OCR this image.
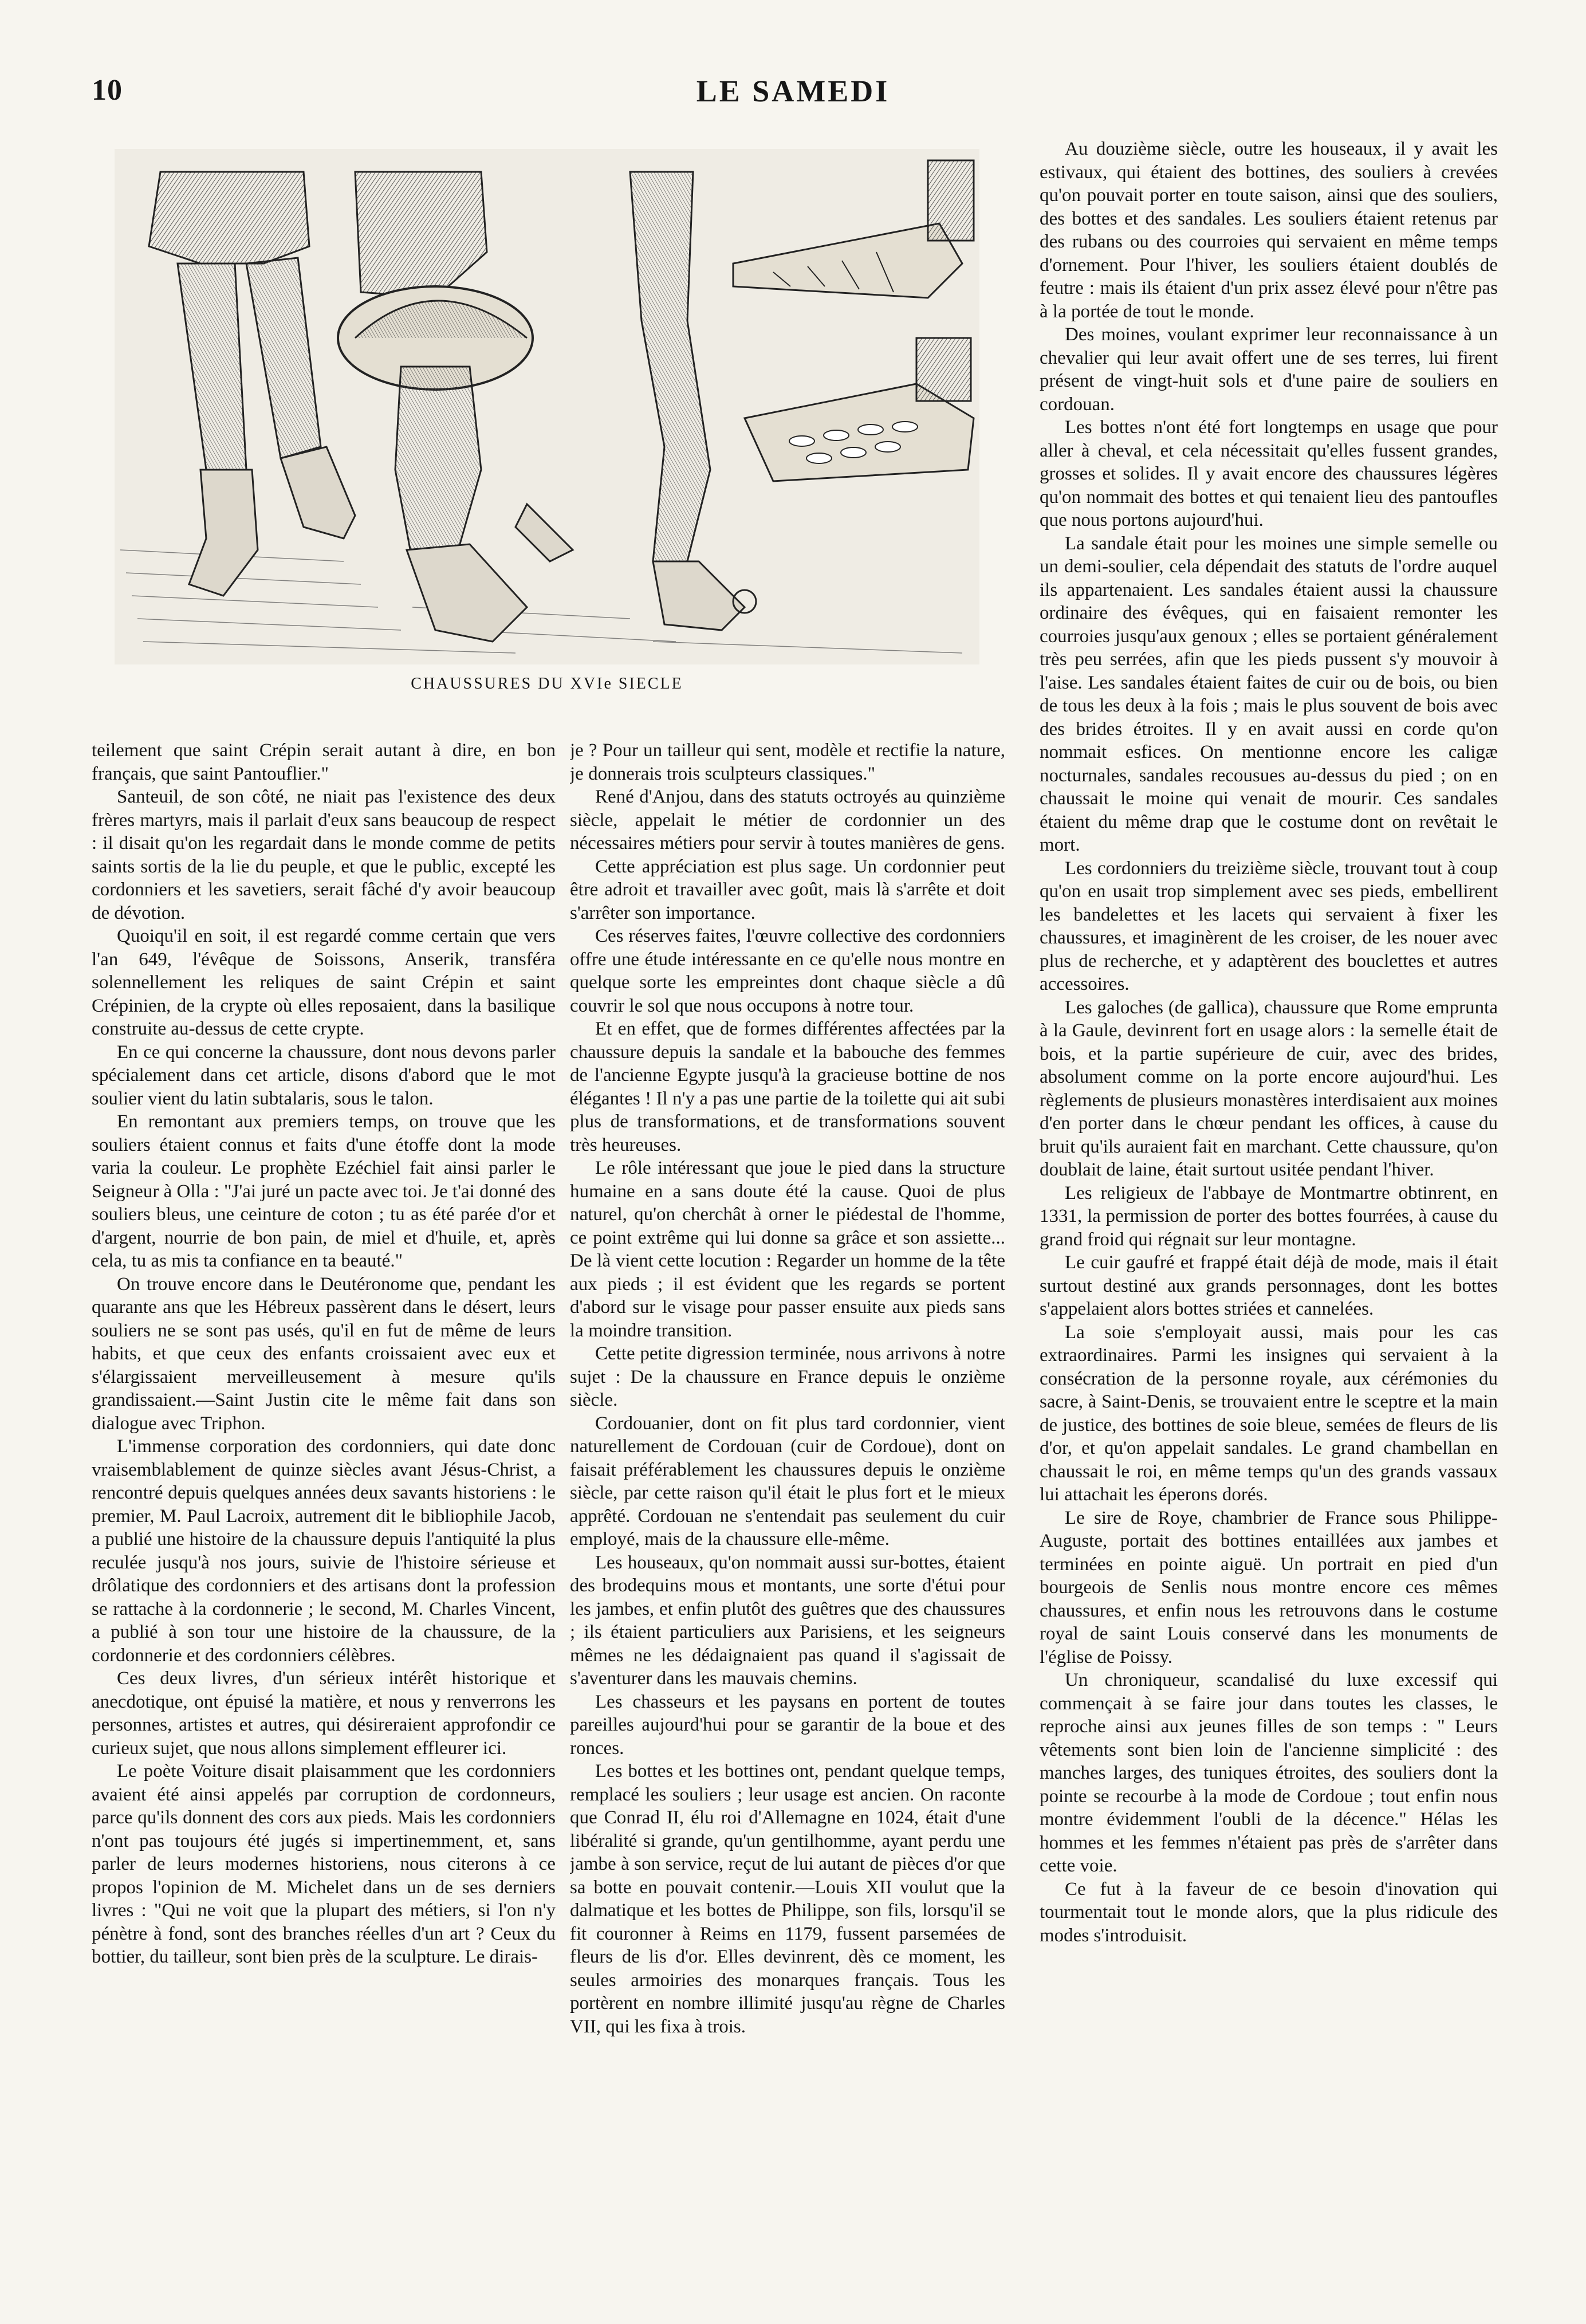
10	LE SAMEDI
CHAUSSURES DU XVIe SIECLE

teilement que saint Crépin serait autant à dire, en bon français, que saint Pantouflier."

Santeuil, de son côté, ne niait pas l'existence des deux frères martyrs, mais il parlait d'eux sans beaucoup de respect : il disait qu'on les regardait dans le monde comme de petits saints sortis de la lie du peuple, et que le public, excepté les cordonniers et les savetiers, serait fâché d'y avoir beaucoup de dévotion.

Quoiqu'il en soit, il est regardé comme certain que vers l'an 649, l'évêque de Soissons, Anserik, transféra solennellement les reliques de saint Crépin et saint Crépinien, de la crypte où elles reposaient, dans la basilique construite au-dessus de cette crypte.

En ce qui concerne la chaussure, dont nous devons parler spécialement dans cet article, disons d'abord que le mot soulier vient du latin subtalaris, sous le talon.

En remontant aux premiers temps, on trouve que les souliers étaient connus et faits d'une étoffe dont la mode varia la couleur. Le prophète Ezéchiel fait ainsi parler le Seigneur à Olla : "J'ai juré un pacte avec toi. Je t'ai donné des souliers bleus, une ceinture de coton ; tu as été parée d'or et d'argent, nourrie de bon pain, de miel et d'huile, et, après cela, tu as mis ta confiance en ta beauté."

On trouve encore dans le Deutéronome que, pendant les quarante ans que les Hébreux passèrent dans le désert, leurs souliers ne se sont pas usés, qu'il en fut de même de leurs habits, et que ceux des enfants croissaient avec eux et s'élargissaient merveilleusement à mesure qu'ils grandissaient.—Saint Justin cite le même fait dans son dialogue avec Triphon.

L'immense corporation des cordonniers, qui date donc vraisemblablement de quinze siècles avant Jésus-Christ, a rencontré depuis quelques années deux savants historiens : le premier, M. Paul Lacroix, autrement dit le bibliophile Jacob, a publié une histoire de la chaussure depuis l'antiquité la plus reculée jusqu'à nos jours, suivie de l'histoire sérieuse et drôlatique des cordonniers et des artisans dont la profession se rattache à la cordonnerie ; le second, M. Charles Vincent, a publié à son tour une histoire de la chaussure, de la cordonnerie et des cordonniers célèbres.

Ces deux livres, d'un sérieux intérêt historique et anecdotique, ont épuisé la matière, et nous y renverrons les personnes, artistes et autres, qui désireraient approfondir ce curieux sujet, que nous allons simplement effleurer ici.

Le poète Voiture disait plaisamment que les cordonniers avaient été ainsi appelés par corruption de cordonneurs, parce qu'ils donnent des cors aux pieds. Mais les cordonniers n'ont pas toujours été jugés si impertinemment, et, sans parler de leurs modernes historiens, nous citerons à ce propos l'opinion de M. Michelet dans un de ses derniers livres : "Qui ne voit que la plupart des métiers, si l'on n'y pénètre à fond, sont des branches réelles d'un art ? Ceux du bottier, du tailleur, sont bien près de la sculpture. Le dirais-

je ? Pour un tailleur qui sent, modèle et rectifie la nature, je donnerais trois sculpteurs classiques."

René d'Anjou, dans des statuts octroyés au quinzième siècle, appelait le métier de cordonnier un des nécessaires métiers pour servir à toutes manières de gens.

Cette appréciation est plus sage. Un cordonnier peut être adroit et travailler avec goût, mais là s'arrête et doit s'arrêter son importance.

Ces réserves faites, l'œuvre collective des cordonniers offre une étude intéressante en ce qu'elle nous montre en quelque sorte les empreintes dont chaque siècle a dû couvrir le sol que nous occupons à notre tour.

Et en effet, que de formes différentes affectées par la chaussure depuis la sandale et la babouche des femmes de l'ancienne Egypte jusqu'à la gracieuse bottine de nos élégantes ! Il n'y a pas une partie de la toilette qui ait subi plus de transformations, et de transformations souvent très heureuses.

Le rôle intéressant que joue le pied dans la structure humaine en a sans doute été la cause. Quoi de plus naturel, qu'on cherchât à orner le piédestal de l'homme, ce point extrême qui lui donne sa grâce et son assiette... De là vient cette locution : Regarder un homme de la tête aux pieds ; il est évident que les regards se portent d'abord sur le visage pour passer ensuite aux pieds sans la moindre transition.

Cette petite digression terminée, nous arrivons à notre sujet : De la chaussure en France depuis le onzième siècle.

Cordouanier, dont on fit plus tard cordonnier, vient naturellement de Cordouan (cuir de Cordoue), dont on faisait préférablement les chaussures depuis le onzième siècle, par cette raison qu'il était le plus fort et le mieux apprêté. Cordouan ne s'entendait pas seulement du cuir employé, mais de la chaussure elle-même.

Les houseaux, qu'on nommait aussi sur-bottes, étaient des brodequins mous et montants, une sorte d'étui pour les jambes, et enfin plutôt des guêtres que des chaussures ; ils étaient particuliers aux Parisiens, et les seigneurs mêmes ne les dédaignaient pas quand il s'agissait de s'aventurer dans les mauvais chemins.

Les chasseurs et les paysans en portent de toutes pareilles aujourd'hui pour se garantir de la boue et des ronces.

Les bottes et les bottines ont, pendant quelque temps, remplacé les souliers ; leur usage est ancien. On raconte que Conrad II, élu roi d'Allemagne en 1024, était d'une libéralité si grande, qu'un gentilhomme, ayant perdu une jambe à son service, reçut de lui autant de pièces d'or que sa botte en pouvait contenir.—Louis XII voulut que la dalmatique et les bottes de Philippe, son fils, lorsqu'il se fit couronner à Reims en 1179, fussent parsemées de fleurs de lis d'or. Elles devinrent, dès ce moment, les seules armoiries des monarques français. Tous les portèrent en nombre illimité jusqu'au règne de Charles VII, qui les fixa à trois.

Au douzième siècle, outre les houseaux, il y avait les estivaux, qui étaient des bottines, des souliers à crevées qu'on pouvait porter en toute saison, ainsi que des souliers, des bottes et des sandales. Les souliers étaient retenus par des rubans ou des courroies qui servaient en même temps d'ornement. Pour l'hiver, les souliers étaient doublés de feutre : mais ils étaient d'un prix assez élevé pour n'être pas à la portée de tout le monde.

Des moines, voulant exprimer leur reconnaissance à un chevalier qui leur avait offert une de ses terres, lui firent présent de vingt-huit sols et d'une paire de souliers en cordouan.

Les bottes n'ont été fort longtemps en usage que pour aller à cheval, et cela nécessitait qu'elles fussent grandes, grosses et solides. Il y avait encore des chaussures légères qu'on nommait des bottes et qui tenaient lieu des pantoufles que nous portons aujourd'hui.

La sandale était pour les moines une simple semelle ou un demi-soulier, cela dépendait des statuts de l'ordre auquel ils appartenaient. Les sandales étaient aussi la chaussure ordinaire des évêques, qui en faisaient remonter les courroies jusqu'aux genoux ; elles se portaient généralement très peu serrées, afin que les pieds pussent s'y mouvoir à l'aise. Les sandales étaient faites de cuir ou de bois, ou bien de tous les deux à la fois ; mais le plus souvent de bois avec des brides étroites. Il y en avait aussi en corde qu'on nommait esfices. On mentionne encore les caligæ nocturnales, sandales recousues au-dessus du pied ; on en chaussait le moine qui venait de mourir. Ces sandales étaient du même drap que le costume dont on revêtait le mort.

Les cordonniers du treizième siècle, trouvant tout à coup qu'on en usait trop simplement avec ses pieds, embellirent les bandelettes et les lacets qui servaient à fixer les chaussures, et imaginèrent de les croiser, de les nouer avec plus de recherche, et y adaptèrent des bouclettes et autres accessoires.

Les galoches (de gallica), chaussure que Rome emprunta à la Gaule, devinrent fort en usage alors : la semelle était de bois, et la partie supérieure de cuir, avec des brides, absolument comme on la porte encore aujourd'hui. Les règlements de plusieurs monastères interdisaient aux moines d'en porter dans le chœur pendant les offices, à cause du bruit qu'ils auraient fait en marchant. Cette chaussure, qu'on doublait de laine, était surtout usitée pendant l'hiver.

Les religieux de l'abbaye de Montmartre obtinrent, en 1331, la permission de porter des bottes fourrées, à cause du grand froid qui régnait sur leur montagne.

Le cuir gaufré et frappé était déjà de mode, mais il était surtout destiné aux grands personnages, dont les bottes s'appelaient alors bottes striées et cannelées.

La soie s'employait aussi, mais pour les cas extraordinaires. Parmi les insignes qui servaient à la consécration de la personne royale, aux cérémonies du sacre, à Saint-Denis, se trouvaient entre le sceptre et la main de justice, des bottines de soie bleue, semées de fleurs de lis d'or, et qu'on appelait sandales. Le grand chambellan en chaussait le roi, en même temps qu'un des grands vassaux lui attachait les éperons dorés.

Le sire de Roye, chambrier de France sous Philippe-Auguste, portait des bottines entaillées aux jambes et terminées en pointe aiguë. Un portrait en pied d'un bourgeois de Senlis nous montre encore ces mêmes chaussures, et enfin nous les retrouvons dans le costume royal de saint Louis conservé dans les monuments de l'église de Poissy.

Un chroniqueur, scandalisé du luxe excessif qui commençait à se faire jour dans toutes les classes, le reproche ainsi aux jeunes filles de son temps : " Leurs vêtements sont bien loin de l'ancienne simplicité : des manches larges, des tuniques étroites, des souliers dont la pointe se recourbe à la mode de Cordoue ; tout enfin nous montre évidemment l'oubli de la décence." Hélas les hommes et les femmes n'étaient pas près de s'arrêter dans cette voie.

Ce fut à la faveur de ce besoin d'inovation qui tourmentait tout le monde alors, que la plus ridicule des modes s'introduisit.
